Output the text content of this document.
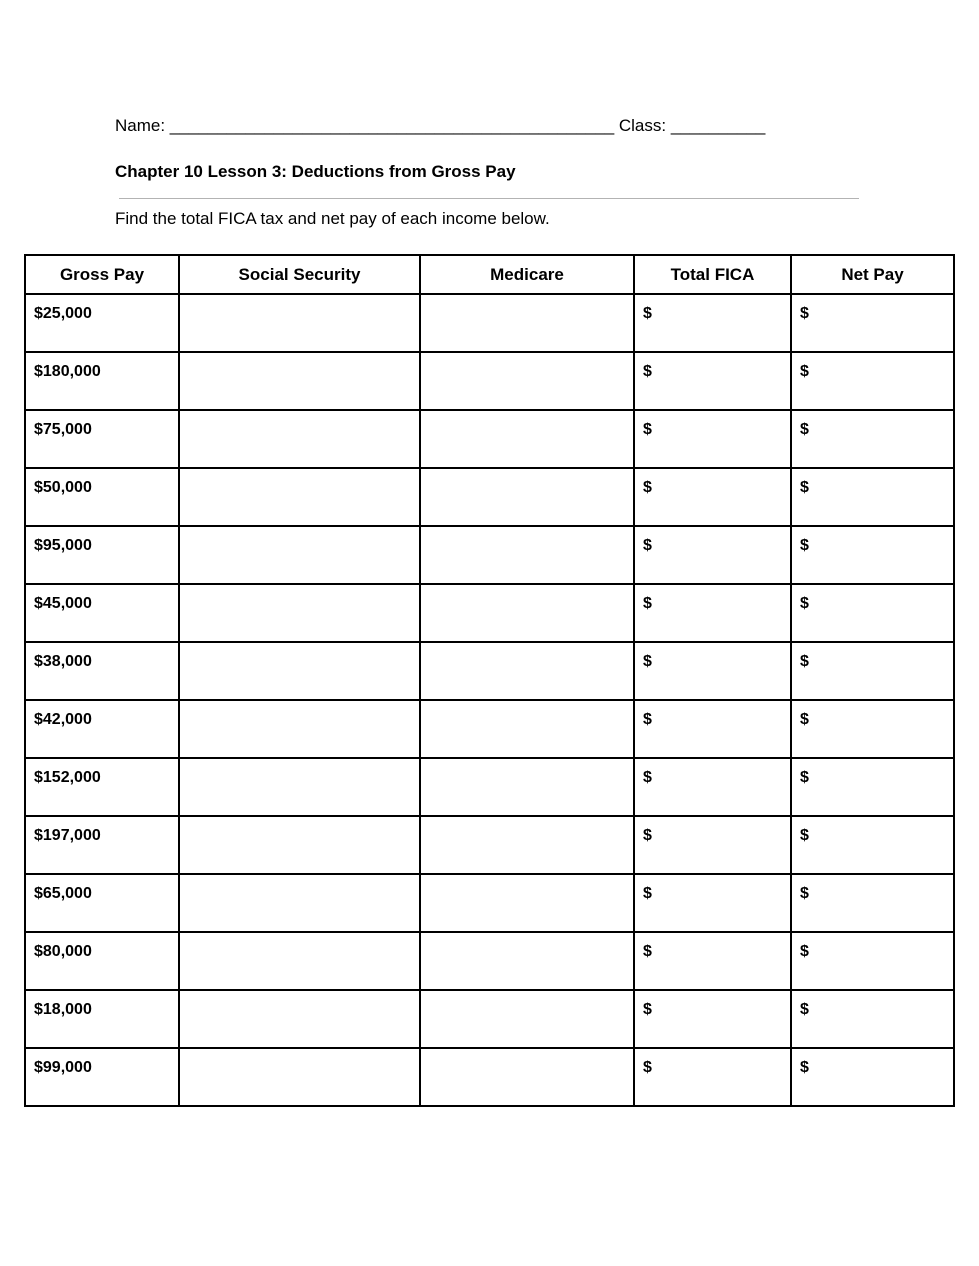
Name: _______________________________________________ Class: __________
Chapter 10 Lesson 3: Deductions from Gross Pay
Find the total FICA tax and net pay of each income below.
Gross Pay	Social Security	Medicare	Total FICA	Net Pay

$25,000			$	$

$180,000			$	$

$75,000			$	$

$50,000			$	$

$95,000			$	$

$45,000			$	$

$38,000			$	$

$42,000			$	$

$152,000			$	$

$197,000			$	$

$65,000			$	$

$80,000			$	$

$18,000			$	$

$99,000			$	$
